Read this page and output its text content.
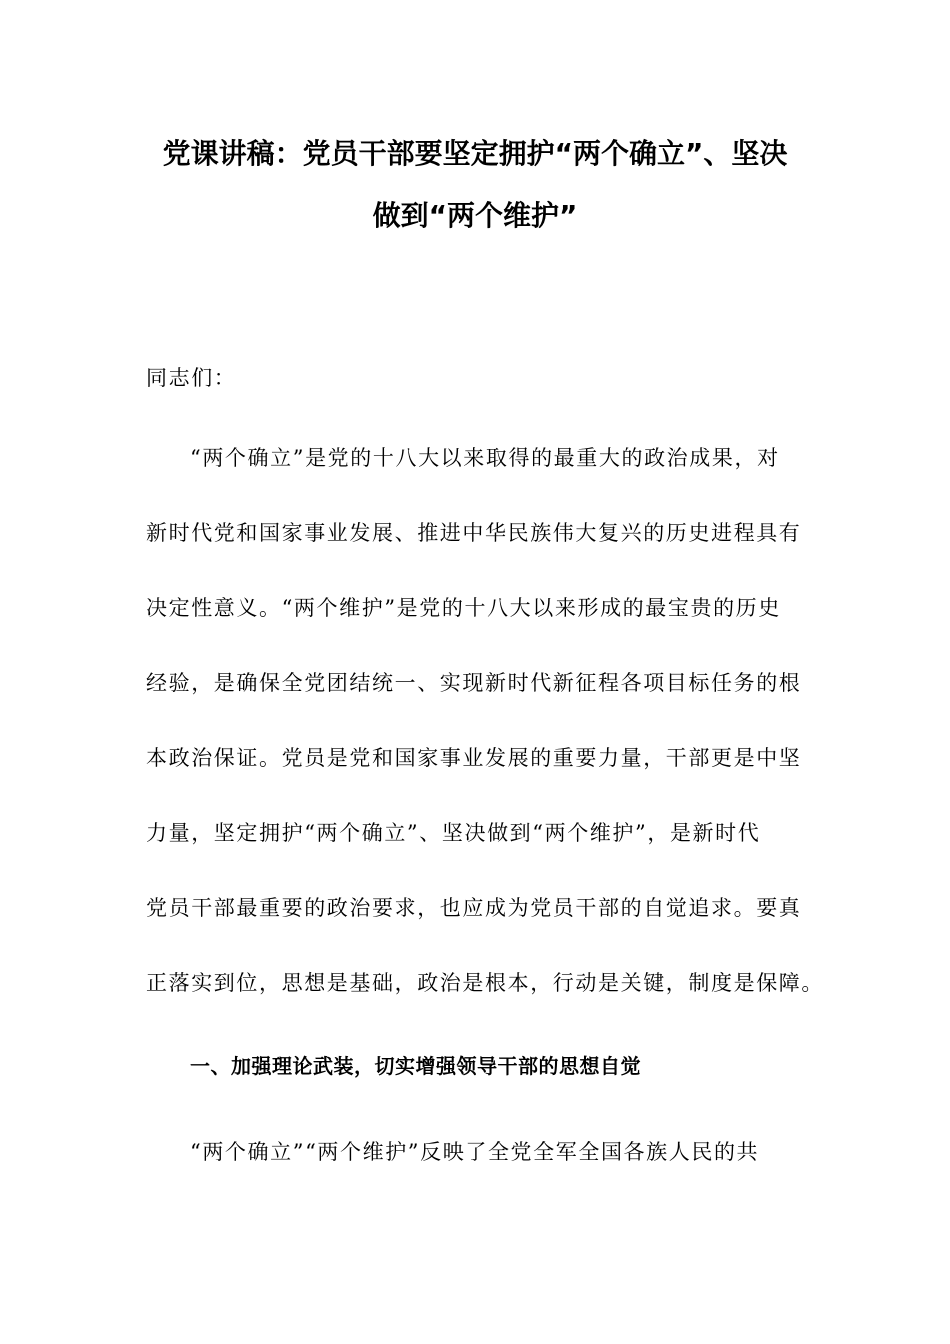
党课讲稿：党员干部要坚定拥护“两个确立”、坚决
做到“两个维护”
同志们：
“两个确立”是党的十八大以来取得的最重大的政治成果，对
新时代党和国家事业发展、推进中华民族伟大复兴的历史进程具有
决定性意义。“两个维护”是党的十八大以来形成的最宝贵的历史
经验，是确保全党团结统一、实现新时代新征程各项目标任务的根
本政治保证。党员是党和国家事业发展的重要力量，干部更是中坚
力量，坚定拥护“两个确立”、坚决做到“两个维护”，是新时代
党员干部最重要的政治要求，也应成为党员干部的自觉追求。要真
正落实到位，思想是基础，政治是根本，行动是关键，制度是保障。
一、加强理论武装，切实增强领导干部的思想自觉
“两个确立”“两个维护”反映了全党全军全国各族人民的共
